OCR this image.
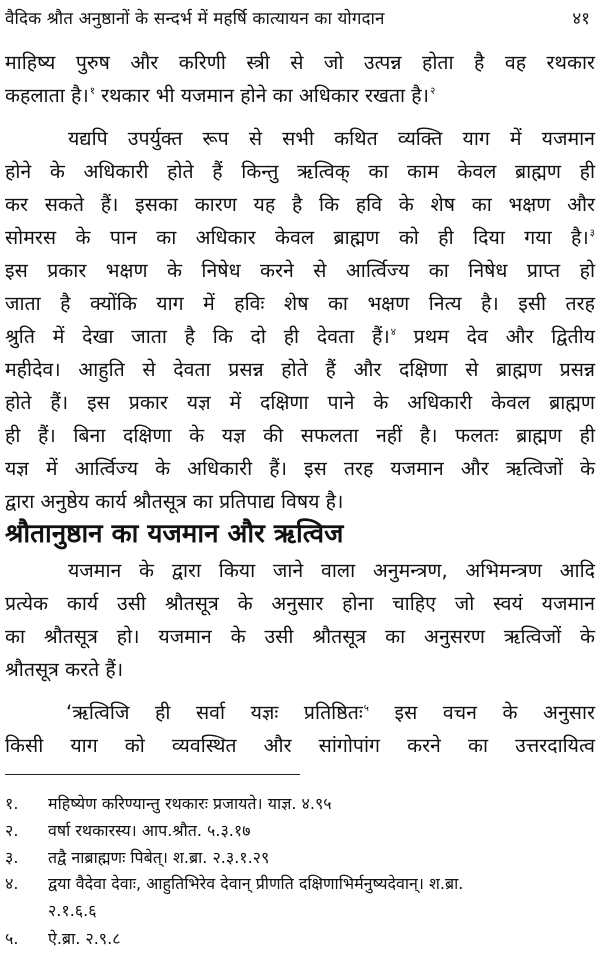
वैदिक श्रौत अनुष्ठानों के सन्दर्भ में महर्षि कात्यायन का योगदान	४१
माहिष्य पुरुष और करिणी स्त्री से जो उत्पन्न होता है वह रथकार
कहलाता है।$^१$ रथकार भी यजमान होने का अधिकार रखता है।$^२$
यद्यपि उपर्युक्त रूप से सभी कथित व्यक्ति याग में यजमान
होने के अधिकारी होते हैं किन्तु ऋत्विक् का काम केवल ब्राह्मण ही
कर सकते हैं। इसका कारण यह है कि हवि के शेष का भक्षण और
सोमरस के पान का अधिकार केवल ब्राह्मण को ही दिया गया है।$^३$
इस प्रकार भक्षण के निषेध करने से आर्त्विज्य का निषेध प्राप्त हो
जाता है क्योंकि याग में हविः शेष का भक्षण नित्य है। इसी तरह
श्रुति में देखा जाता है कि दो ही देवता हैं।$^४$ प्रथम देव और द्वितीय
महीदेव। आहुति से देवता प्रसन्न होते हैं और दक्षिणा से ब्राह्मण प्रसन्न
होते हैं। इस प्रकार यज्ञ में दक्षिणा पाने के अधिकारी केवल ब्राह्मण
ही हैं। बिना दक्षिणा के यज्ञ की सफलता नहीं है। फलतः ब्राह्मण ही
यज्ञ में आर्त्विज्य के अधिकारी हैं। इस तरह यजमान और ऋत्विजों के
द्वारा अनुष्ठेय कार्य श्रौतसूत्र का प्रतिपाद्य विषय है।
श्रौतानुष्ठान का यजमान और ऋत्विज
यजमान के द्वारा किया जाने वाला अनुमन्त्रण, अभिमन्त्रण आदि
प्रत्येक कार्य उसी श्रौतसूत्र के अनुसार होना चाहिए जो स्वयं यजमान
का श्रौतसूत्र हो। यजमान के उसी श्रौतसूत्र का अनुसरण ऋत्विजों के
श्रौतसूत्र करते हैं।
‘ऋत्विजि ही सर्वा यज्ञः प्रतिष्ठितः$^५$ इस वचन के अनुसार
किसी याग को व्यवस्थित और सांगोपांग करने का उत्तरदायित्व
१.	महिष्येण करिण्यान्तु रथकारः प्रजायते। याज्ञ. ४.९५
२.	वर्षा रथकारस्य। आप.श्रौत. ५.३.१७
३.	तद्वै नाब्राह्मणः पिबेत्। श.ब्रा. २.३.१.२९
४.	द्वया वैदेवा देवाः, आहुतिभिरेव देवान् प्रीणति दक्षिणाभिर्मनुष्यदेवान्। श.ब्रा.
२.१.६.६
५.	ऐ.ब्रा. २.९.८
